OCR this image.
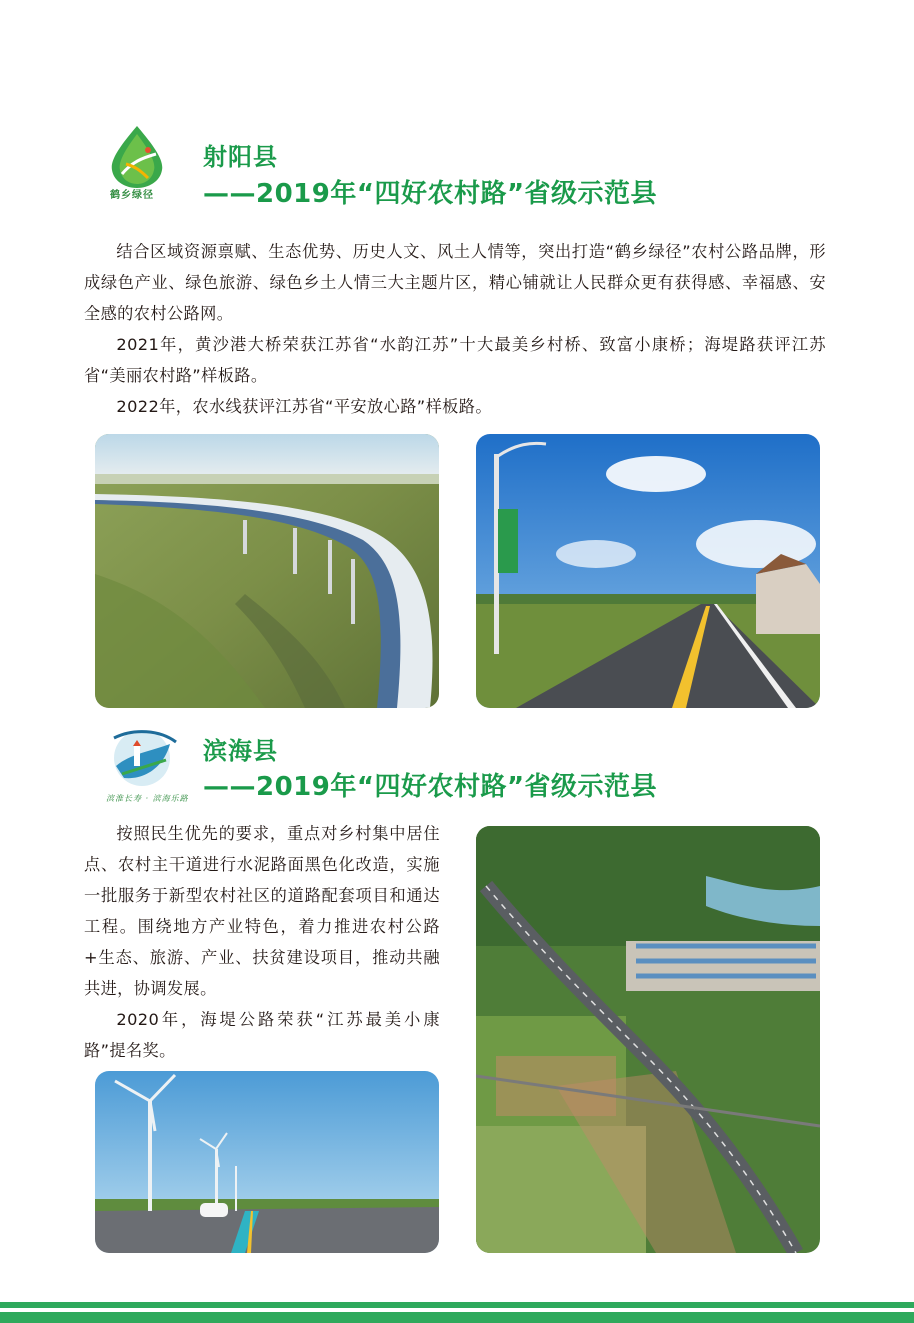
鹤乡绿径
射阳县
——2019年“四好农村路”省级示范县

结合区域资源禀赋、生态优势、历史人文、风土人情等，突出打造“鹤乡绿径”农村公路品牌，形成绿色产业、绿色旅游、绿色乡土人情三大主题片区，精心铺就让人民群众更有获得感、幸福感、安全感的农村公路网。

2021年，黄沙港大桥荣获江苏省“水韵江苏”十大最美乡村桥、致富小康桥；海堤路获评江苏省“美丽农村路”样板路。

2022年，农水线获评江苏省“平安放心路”样板路。

滨淮长寿 · 滨海乐路
滨海县
——2019年“四好农村路”省级示范县

按照民生优先的要求，重点对乡村集中居住点、农村主干道进行水泥路面黑色化改造，实施一批服务于新型农村社区的道路配套项目和通达工程。围绕地方产业特色，着力推进农村公路+生态、旅游、产业、扶贫建设项目，推动共融共进，协调发展。

2020年，海堤公路荣获“江苏最美小康路”提名奖。
